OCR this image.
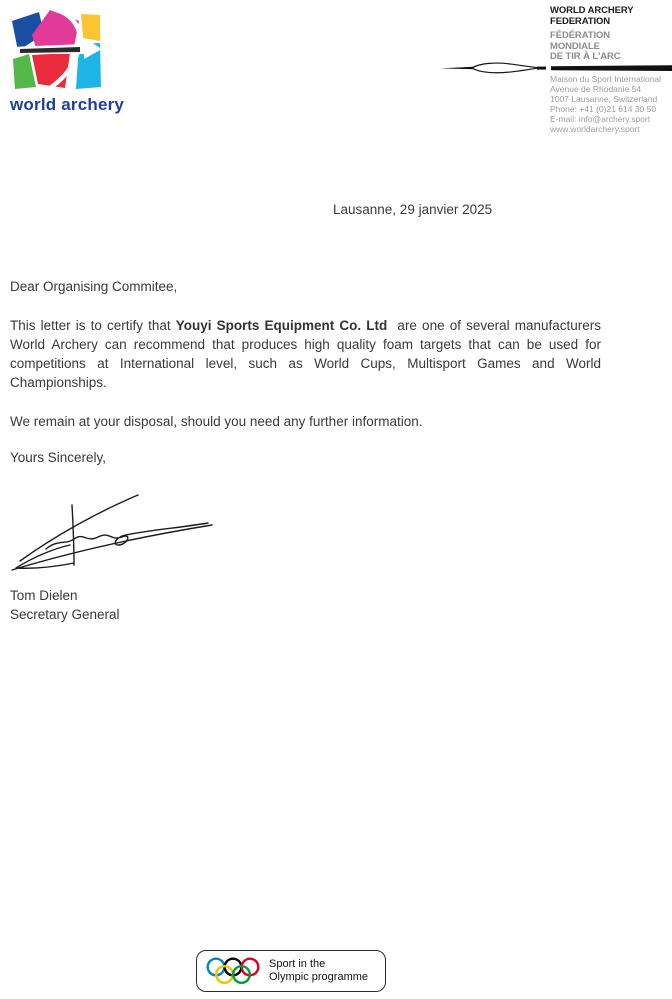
world archery
WORLD ARCHERY
FEDERATION
FÉDÉRATION
MONDIALE
DE TIR À L'ARC
Maison du Sport International
Avenue de Rhodanie 54
1007 Lausanne, Switzerland
Phone: +41 (0)21 614 30 50
E-mail: info@archery.sport
www.worldarchery.sport
Lausanne, 29 janvier 2025
Dear Organising Commitee,
This letter is to certify that Youyi Sports Equipment Co. Ltd  are one of several manufacturers World Archery can recommend that produces high quality foam targets that can be used for competitions at International level, such as World Cups, Multisport Games and World Championships.
We remain at your disposal, should you need any further information.
Yours Sincerely,
Tom Dielen
Secretary General
Sport in the
Olympic programme
